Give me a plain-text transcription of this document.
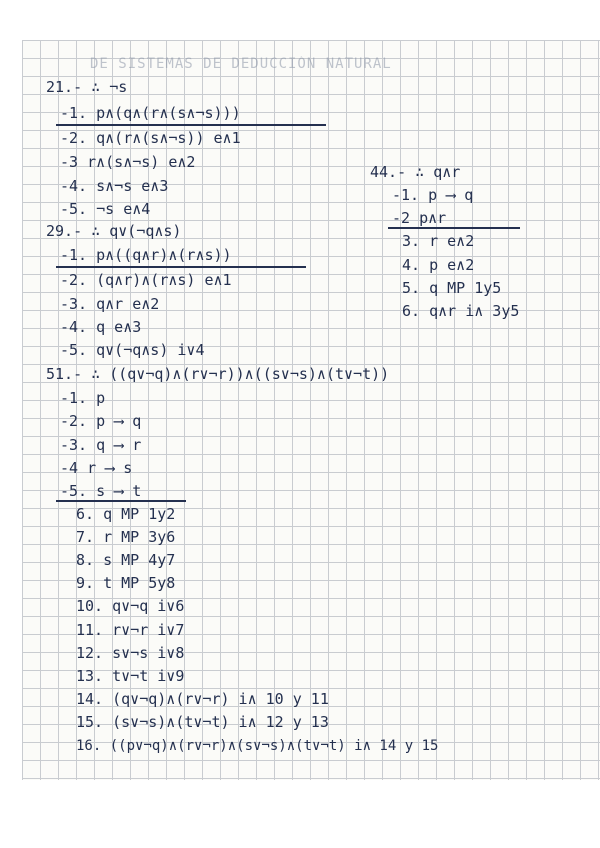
DE SISTEMAS DE DEDUCCIÓN NATURAL
21.- ∴ ¬s
-1. p∧(q∧(r∧(s∧¬s)))
-2. q∧(r∧(s∧¬s)) e∧1
-3 r∧(s∧¬s) e∧2
-4. s∧¬s e∧3
-5. ¬s e∧4
29.- ∴ q∨(¬q∧s)
-1. p∧((q∧r)∧(r∧s))
-2. (q∧r)∧(r∧s) e∧1
-3. q∧r e∧2
-4. q e∧3
-5. q∨(¬q∧s) i∨4
51.- ∴ ((q∨¬q)∧(r∨¬r))∧((s∨¬s)∧(t∨¬t))
-1. p
-2. p ⟶ q
-3. q ⟶ r
-4 r ⟶ s
-5. s ⟶ t
6. q MP 1y2
7. r MP 3y6
8. s MP 4y7
9. t MP 5y8
10. q∨¬q i∨6
11. r∨¬r i∨7
12. s∨¬s i∨8
13. t∨¬t i∨9
14. (q∨¬q)∧(r∨¬r) i∧ 10 y 11
15. (s∨¬s)∧(t∨¬t) i∧ 12 y 13
16. ((p∨¬q)∧(r∨¬r)∧(s∨¬s)∧(t∨¬t) i∧ 14 y 15
44.- ∴ q∧r
-1. p ⟶ q
-2 p∧r
3. r e∧2
4. p e∧2
5. q MP 1y5
6. q∧r i∧ 3y5
